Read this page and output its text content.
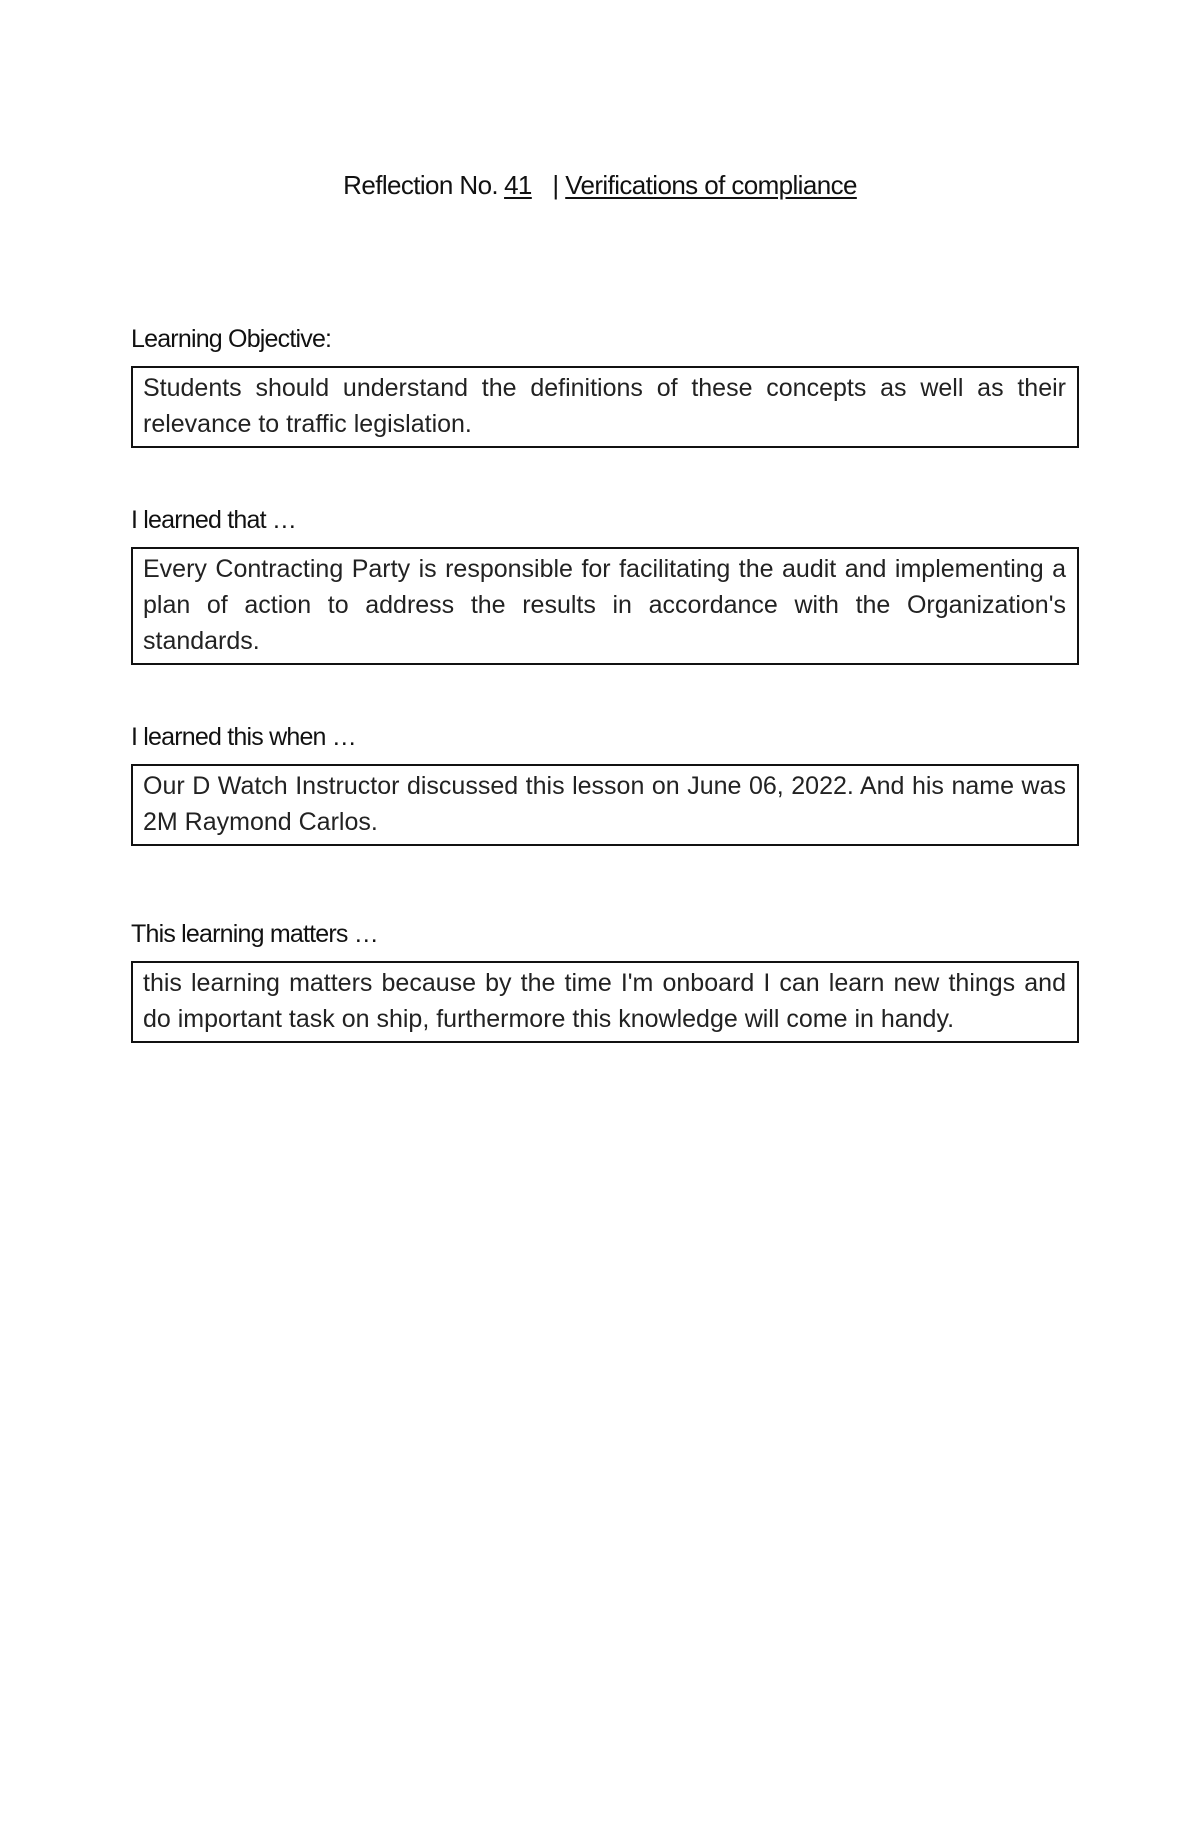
Reflection No. 41 | Verifications of compliance
Learning Objective:
Students should understand the definitions of these concepts as well as their relevance to traffic legislation.
I learned that …
Every Contracting Party is responsible for facilitating the audit and implementing a plan of action to address the results in accordance with the Organization's standards.
I learned this when …
Our D Watch Instructor discussed this lesson on June 06, 2022. And his name was 2M Raymond Carlos.
This learning matters …
this learning matters because by the time I'm onboard I can learn new things and do important task on ship, furthermore this knowledge will come in handy.
